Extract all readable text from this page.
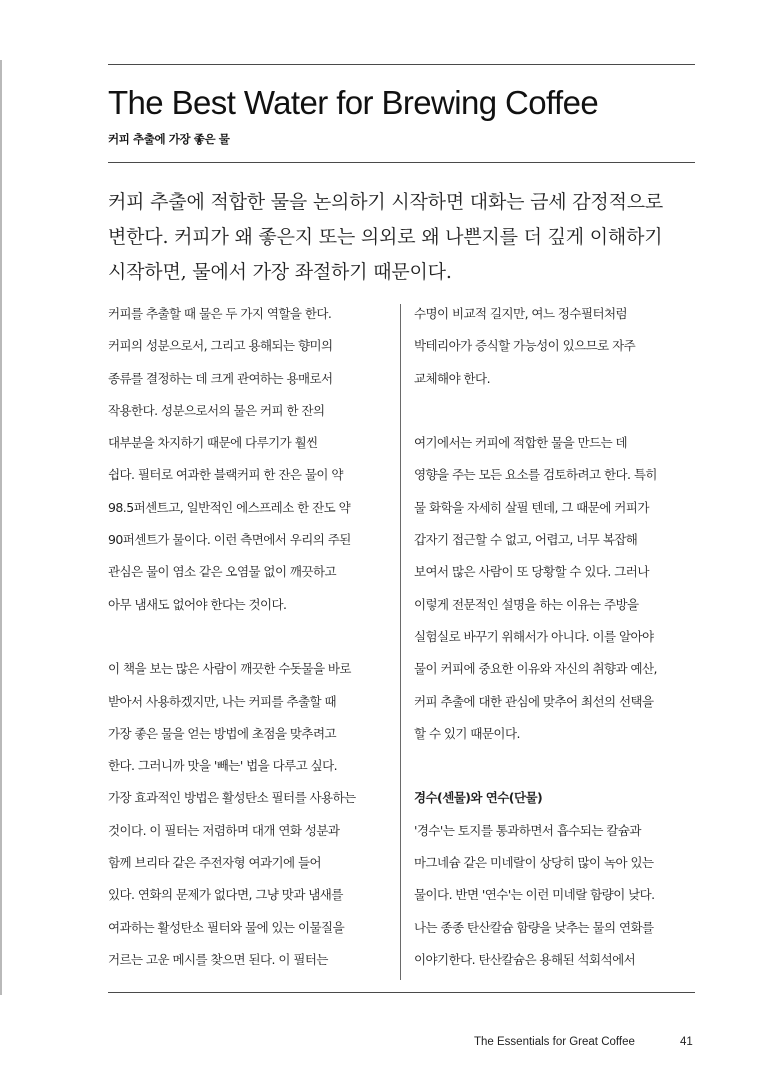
The Best Water for Brewing Coffee

커피 추출에 가장 좋은 물

커피 추출에 적합한 물을 논의하기 시작하면 대화는 금세 감정적으로
변한다. 커피가 왜 좋은지 또는 의외로 왜 나쁜지를 더 깊게 이해하기
시작하면, 물에서 가장 좌절하기 때문이다.
커피를 추출할 때 물은 두 가지 역할을 한다.
커피의 성분으로서, 그리고 용해되는 향미의
종류를 결정하는 데 크게 관여하는 용매로서
작용한다. 성분으로서의 물은 커피 한 잔의
대부분을 차지하기 때문에 다루기가 훨씬
쉽다. 필터로 여과한 블랙커피 한 잔은 물이 약
98.5퍼센트고, 일반적인 에스프레소 한 잔도 약
90퍼센트가 물이다. 이런 측면에서 우리의 주된
관심은 물이 염소 같은 오염물 없이 깨끗하고
아무 냄새도 없어야 한다는 것이다.
이 책을 보는 많은 사람이 깨끗한 수돗물을 바로
받아서 사용하겠지만, 나는 커피를 추출할 때
가장 좋은 물을 얻는 방법에 초점을 맞추려고
한다. 그러니까 맛을 '빼는' 법을 다루고 싶다.
가장 효과적인 방법은 활성탄소 필터를 사용하는
것이다. 이 필터는 저렴하며 대개 연화 성분과
함께 브리타 같은 주전자형 여과기에 들어
있다. 연화의 문제가 없다면, 그냥 맛과 냄새를
여과하는 활성탄소 필터와 물에 있는 이물질을
거르는 고운 메시를 찾으면 된다. 이 필터는
수명이 비교적 길지만, 여느 정수필터처럼
박테리아가 증식할 가능성이 있으므로 자주
교체해야 한다.
여기에서는 커피에 적합한 물을 만드는 데
영향을 주는 모든 요소를 검토하려고 한다. 특히
물 화학을 자세히 살필 텐데, 그 때문에 커피가
갑자기 접근할 수 없고, 어렵고, 너무 복잡해
보여서 많은 사람이 또 당황할 수 있다. 그러나
이렇게 전문적인 설명을 하는 이유는 주방을
실험실로 바꾸기 위해서가 아니다. 이를 알아야
물이 커피에 중요한 이유와 자신의 취향과 예산,
커피 추출에 대한 관심에 맞추어 최선의 선택을
할 수 있기 때문이다.
경수(센물)와 연수(단물)
'경수'는 토지를 통과하면서 흡수되는 칼슘과
마그네슘 같은 미네랄이 상당히 많이 녹아 있는
물이다. 반면 '연수'는 이런 미네랄 함량이 낮다.
나는 종종 탄산칼슘 함량을 낮추는 물의 연화를
이야기한다. 탄산칼슘은 용해된 석회석에서
The Essentials for Great Coffee	41
